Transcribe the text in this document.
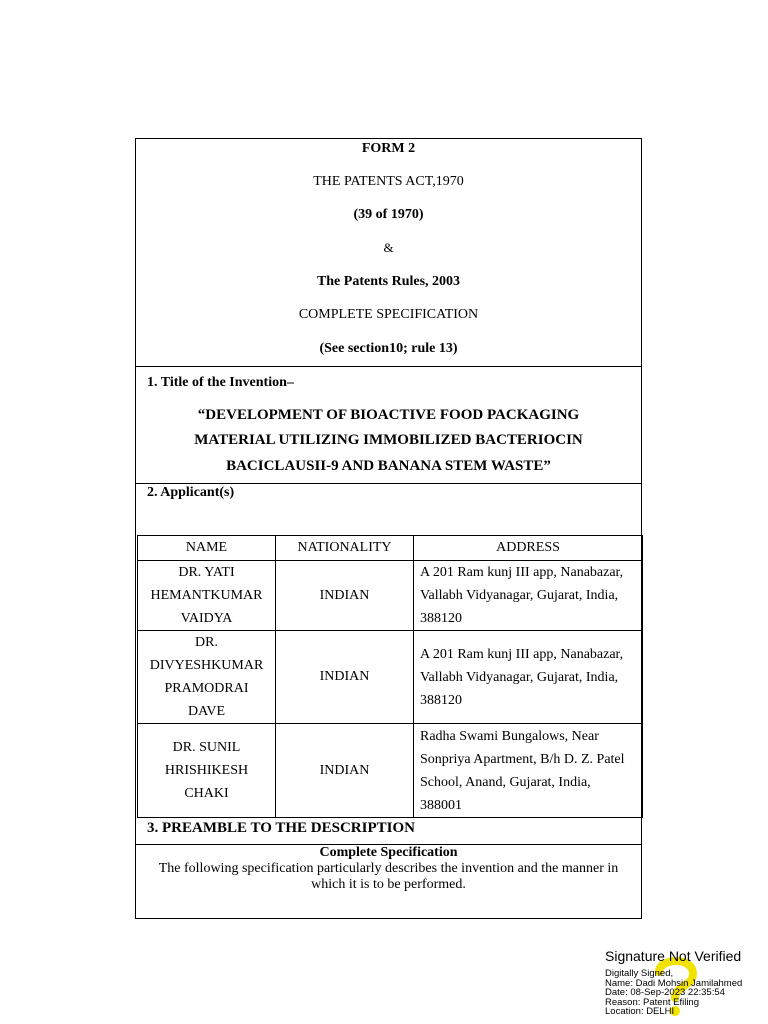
FORM 2
THE PATENTS ACT,1970
(39 of 1970)
&
The Patents Rules, 2003
COMPLETE SPECIFICATION
(See section10; rule 13)
1. Title of the Invention–
“DEVELOPMENT OF BIOACTIVE FOOD PACKAGING
MATERIAL UTILIZING IMMOBILIZED BACTERIOCIN
BACICLAUSII-9 AND BANANA STEM WASTE”
2. Applicant(s)
NAME	NATIONALITY	ADDRESS

DR. YATI
HEMANTKUMAR
VAIDYA	INDIAN	A 201 Ram kunj III app, Nanabazar,
Vallabh Vidyanagar, Gujarat, India,
388120

DR.
DIVYESHKUMAR
PRAMODRAI
DAVE	INDIAN	A 201 Ram kunj III app, Nanabazar,
Vallabh Vidyanagar, Gujarat, India,
388120

DR. SUNIL
HRISHIKESH
CHAKI	INDIAN	Radha Swami Bungalows, Near
Sonpriya Apartment, B/h D. Z. Patel
School, Anand, Gujarat, India,
388001
3. PREAMBLE TO THE DESCRIPTION
Complete Specification
The following specification particularly describes the invention and the manner in
which it is to be performed.
Signature Not Verified
Digitally Signed,
Name: Dadi Mohsin Jamilahmed
Date: 08-Sep-2023 22:35:54
Reason: Patent Efiling
Location: DELHI
